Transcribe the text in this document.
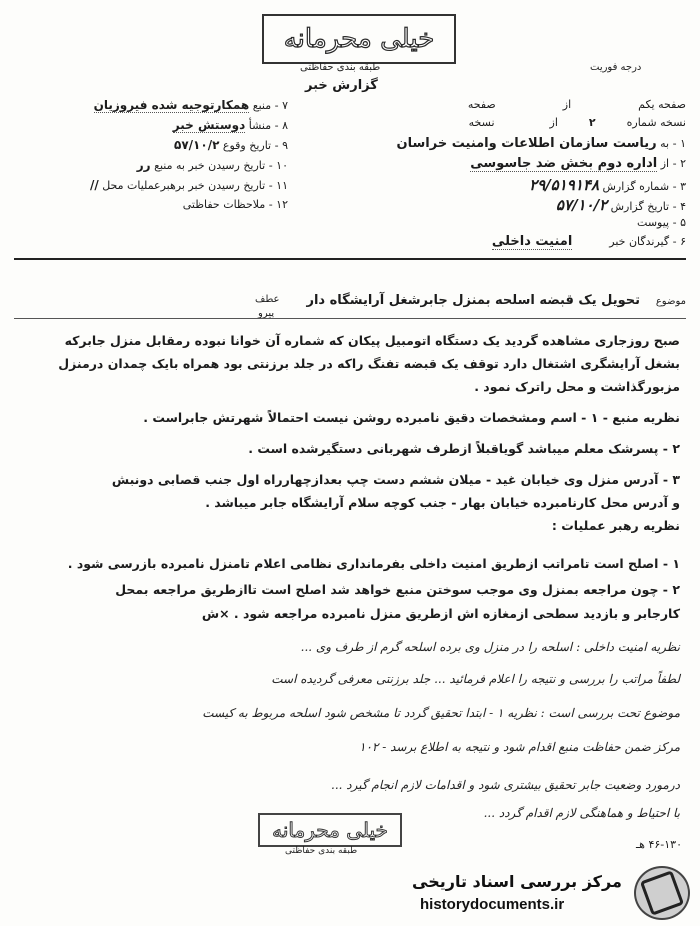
خیلی محرمانه
طبقه بندی حفاظتی
گزارش خبر
درجه فوریت
صفحه یکم  از  صفحه
نسخه شماره  ۲  از  نسخه
۱ - به ریاست سازمان اطلاعات وامنیت خراسان
۲ - از اداره دوم بخش ضد جاسوسی
۳ - شماره گزارش ۲۹/۵۱۹۱۴۸
۴ - تاریخ گزارش ۵۷/۱۰/۲
۵ - پیوست
۶ - گیرندگان خبر  امنیت داخلی
۷ - منبع همکارتوجیه شده فیروزیان
۸ - منشأ دوستش خبر
۹ - تاریخ وقوع ۵۷/۱۰/۲
۱۰ - تاریخ رسیدن خبر به منبع رر
۱۱ - تاریخ رسیدن خبر برهبرعملیات محل //
۱۲ - ملاحظات حفاظتی
موضوع
تحویل یک قبضه اسلحه بمنزل جابرشغل آرایشگاه دار
عطف
پیرو
صبح روزجاری مشاهده گردید یک دستگاه اتومبیل پیکان که شماره آن خوانا نبوده رمقابل منزل جابرکه
بشغل آرایشگری اشتغال دارد توقف یک قبضه تفنگ راکه در جلد برزنتی بود همراه بایک چمدان درمنزل
مزبورگذاشت و محل راترک نمود .
نظریه منبع - ۱ - اسم ومشخصات دقیق نامبرده روشن نیست احتمالاً شهرتش جابراست .
۲ - پسرشک معلم میباشد گویاقبلاً ازطرف شهربانی دستگیرشده است .
۳ - آدرس منزل وی خیابان غید - میلان ششم دست چپ بعدازچهارراه اول جنب قصابی دونبش
و آدرس محل کارنامبرده خیابان بهار - جنب کوچه سلام آرایشگاه جابر میباشد .
نظریه رهبر عملیات :
۱ - اصلح است تامراتب ازطریق امنیت داخلی بفرمانداری نظامی اعلام تامنزل نامبرده بازرسی شود .
۲ - چون مراجعه بمنزل وی موجب سوختن منبع خواهد شد اصلح است تاازطریق مراجعه بمحل
کارجابر و بازدید سطحی ازمغازه اش ازطریق منزل نامبرده مراجعه شود . ×ش
نظریه امنیت داخلی : اسلحه را در منزل وی برده اسلحه گرم از طرف وی ...
لطفاً مراتب را بررسی و نتیجه را اعلام فرمائید ... جلد برزنتی معرفی گردیده است
موضوع تحت بررسی است : نظریه ۱ - ابتدا تحقیق گردد تا مشخص شود اسلحه مربوط به کیست
مرکز ضمن حفاظت منبع اقدام شود و نتیجه به اطلاع برسد - ۱۰۲
درمورد وضعیت جابر تحقیق بیشتری شود و اقدامات لازم انجام گیرد ...
با احتیاط و هماهنگی لازم اقدام گردد ...
خیلی محرمانه
طبقه بندی حفاظتی	۴۶-۱۳۰ هـ
مرکز بررسی اسناد تاریخی
historydocuments.ir
